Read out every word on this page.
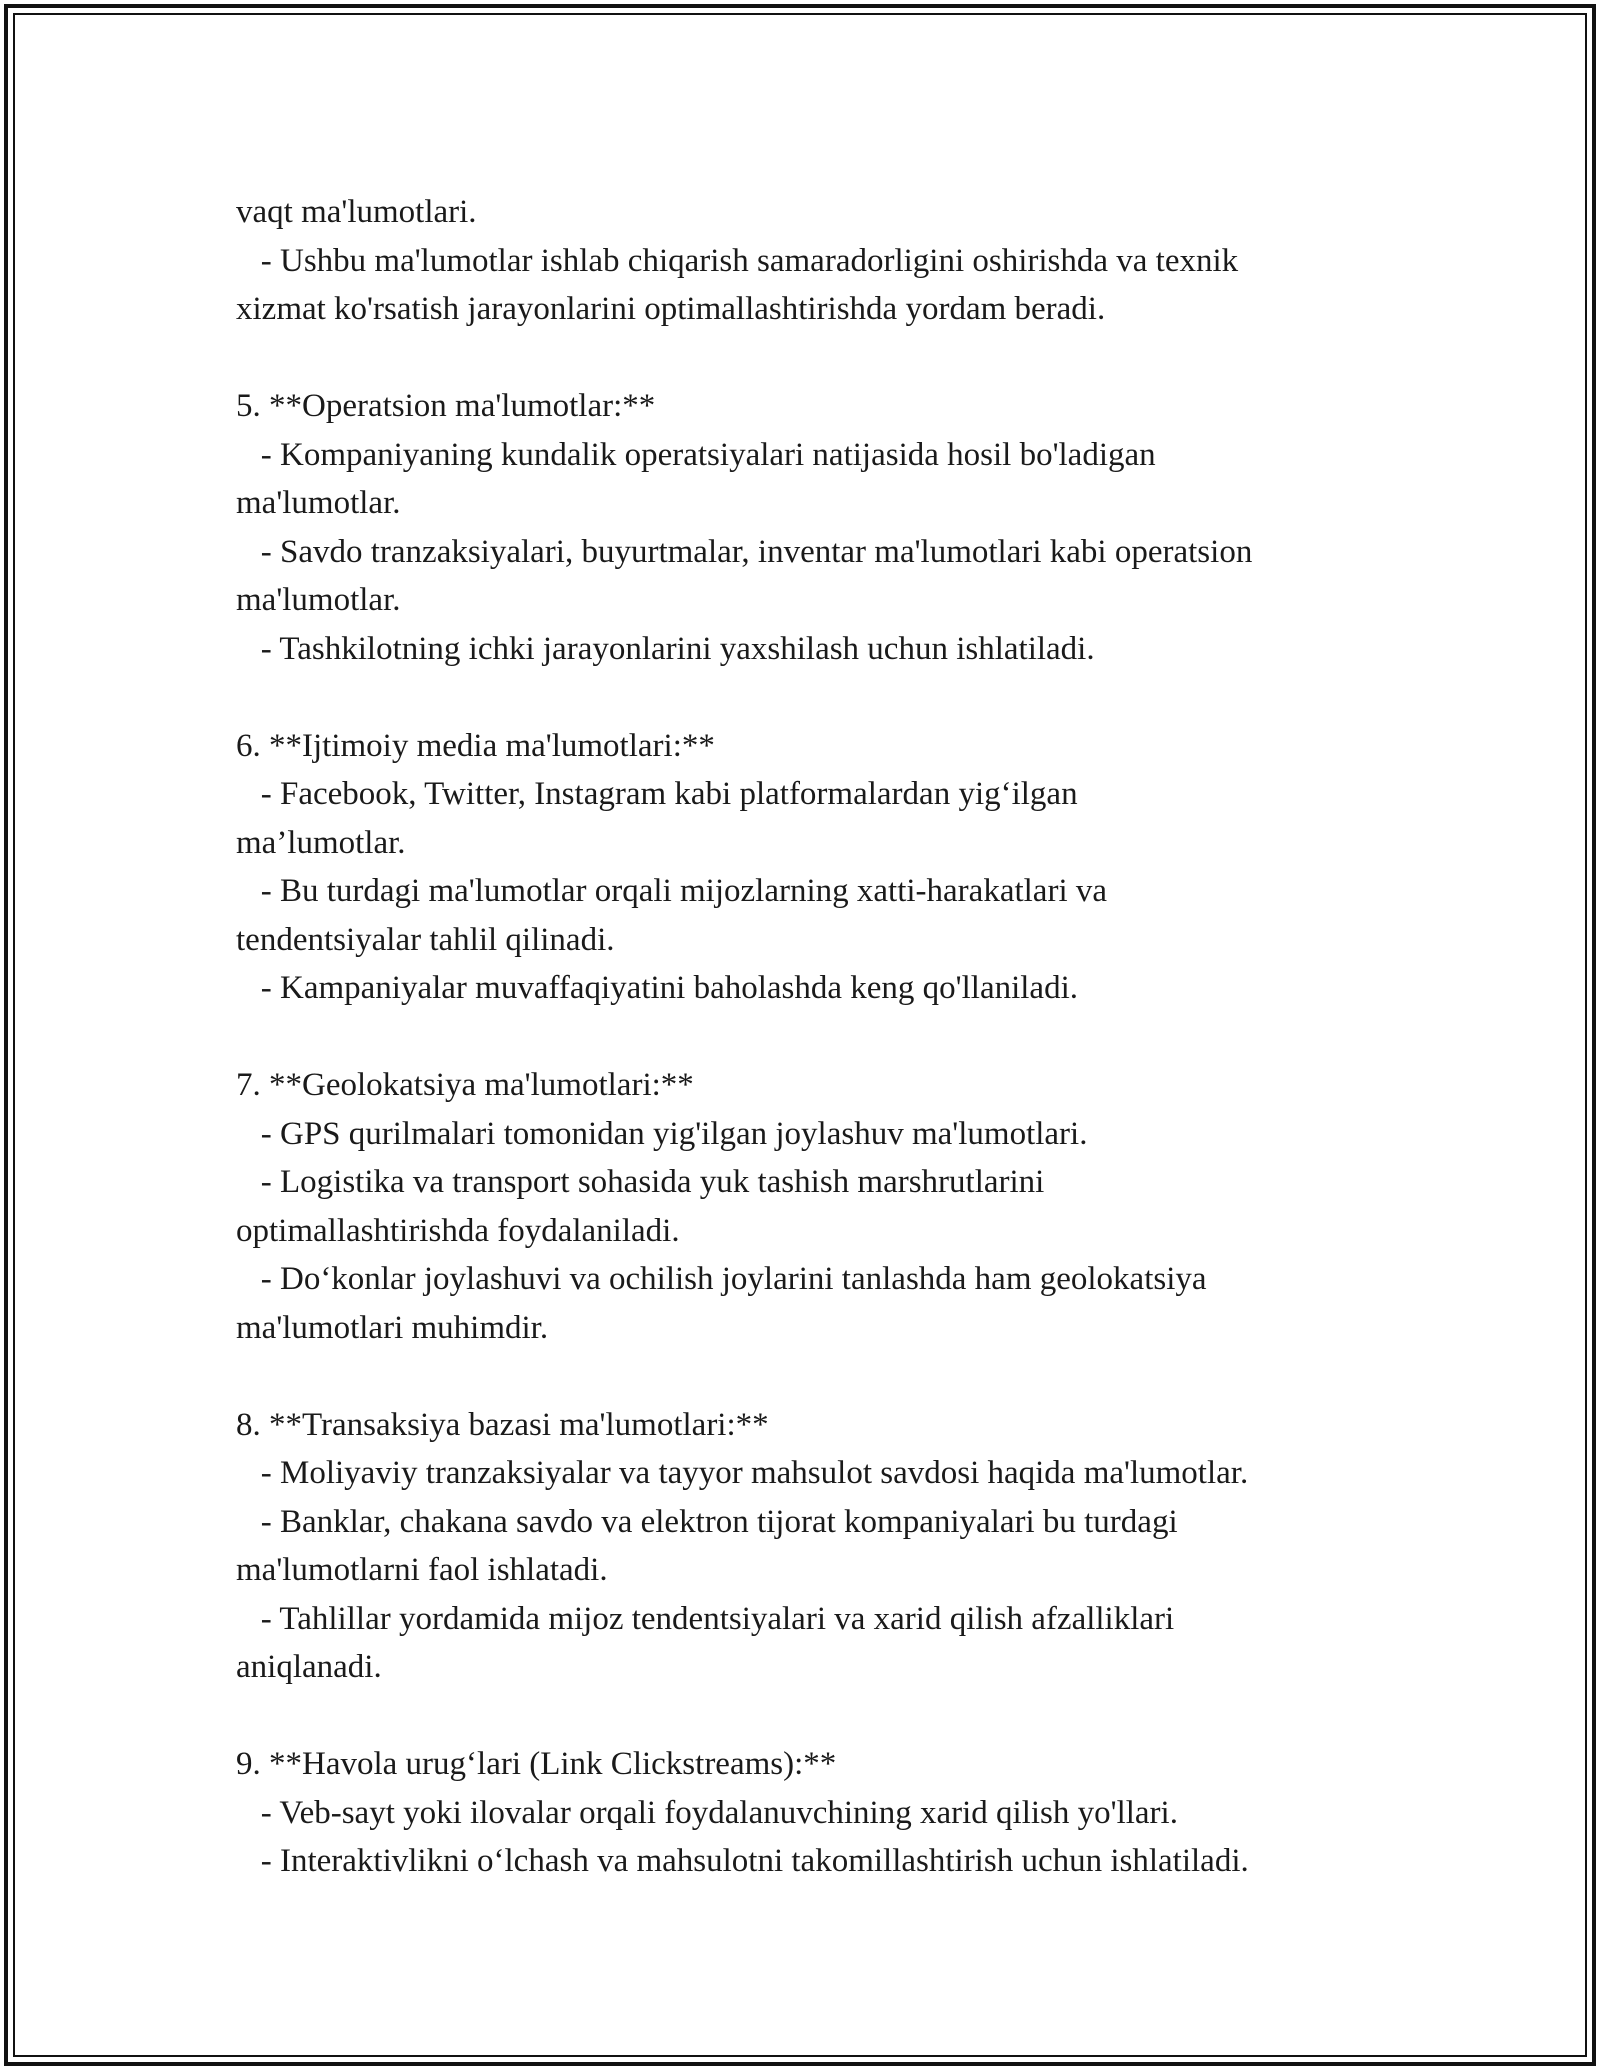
vaqt ma'lumotlari.
- Ushbu ma'lumotlar ishlab chiqarish samaradorligini oshirishda va texnik
xizmat ko'rsatish jarayonlarini optimallashtirishda yordam beradi.
5. **Operatsion ma'lumotlar:**
- Kompaniyaning kundalik operatsiyalari natijasida hosil bo'ladigan
ma'lumotlar.
- Savdo tranzaksiyalari, buyurtmalar, inventar ma'lumotlari kabi operatsion
ma'lumotlar.
- Tashkilotning ichki jarayonlarini yaxshilash uchun ishlatiladi.
6. **Ijtimoiy media ma'lumotlari:**
- Facebook, Twitter, Instagram kabi platformalardan yig‘ilgan
ma’lumotlar.
- Bu turdagi ma'lumotlar orqali mijozlarning xatti-harakatlari va
tendentsiyalar tahlil qilinadi.
- Kampaniyalar muvaffaqiyatini baholashda keng qo'llaniladi.
7. **Geolokatsiya ma'lumotlari:**
- GPS qurilmalari tomonidan yig'ilgan joylashuv ma'lumotlari.
- Logistika va transport sohasida yuk tashish marshrutlarini
optimallashtirishda foydalaniladi.
- Do‘konlar joylashuvi va ochilish joylarini tanlashda ham geolokatsiya
ma'lumotlari muhimdir.
8. **Transaksiya bazasi ma'lumotlari:**
- Moliyaviy tranzaksiyalar va tayyor mahsulot savdosi haqida ma'lumotlar.
- Banklar, chakana savdo va elektron tijorat kompaniyalari bu turdagi
ma'lumotlarni faol ishlatadi.
- Tahlillar yordamida mijoz tendentsiyalari va xarid qilish afzalliklari
aniqlanadi.
9. **Havola urug‘lari (Link Clickstreams):**
- Veb-sayt yoki ilovalar orqali foydalanuvchining xarid qilish yo'llari.
- Interaktivlikni o‘lchash va mahsulotni takomillashtirish uchun ishlatiladi.
